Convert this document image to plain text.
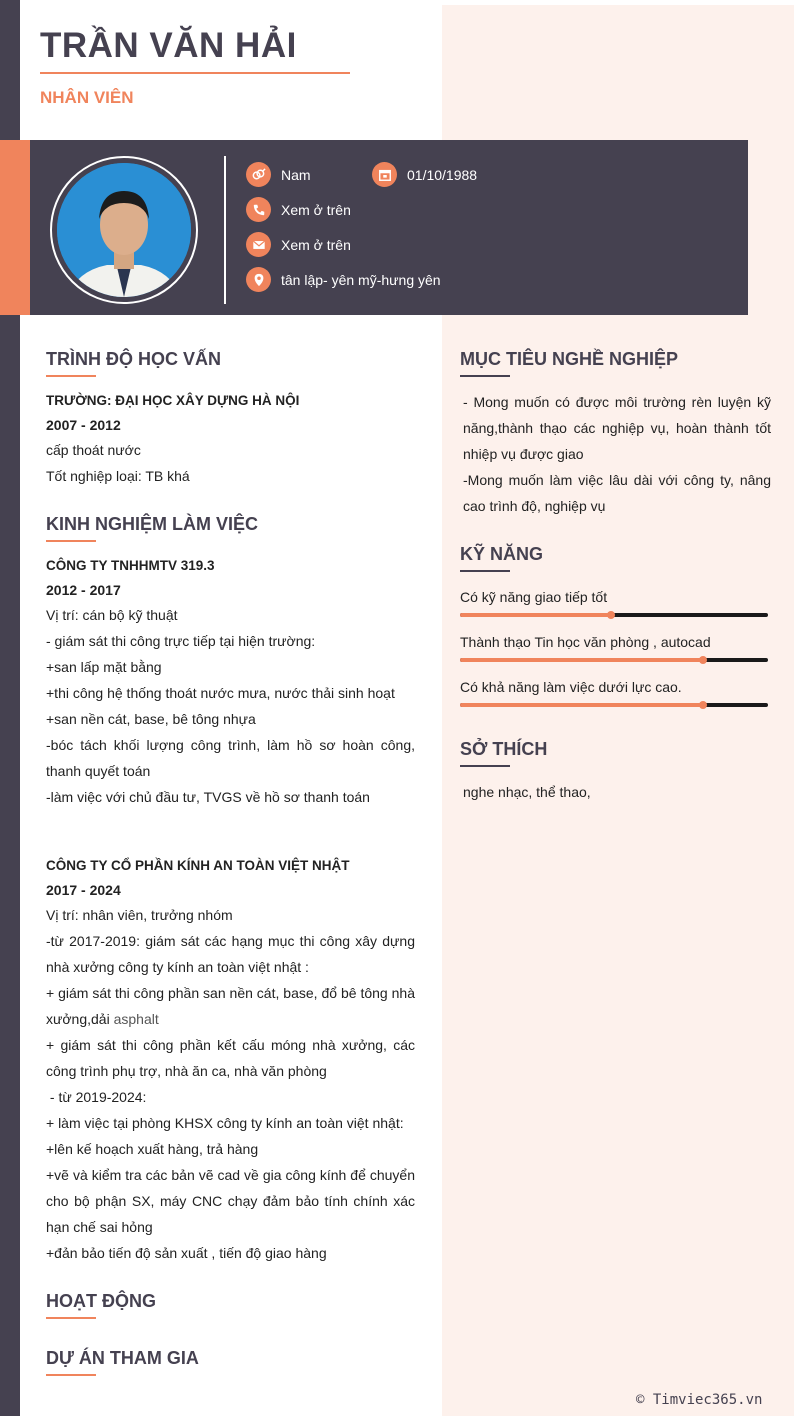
TRẦN VĂN HẢI
NHÂN VIÊN
Nam	01/10/1988
Xem ở trên
Xem ở trên
tân lập- yên mỹ-hưng yên
TRÌNH ĐỘ HỌC VẤN
TRƯỜNG: ĐẠI HỌC XÂY DỰNG HÀ NỘI
2007 - 2012
cấp thoát nước
Tốt nghiệp loại: TB khá
KINH NGHIỆM LÀM VIỆC
CÔNG TY TNHHMTV 319.3
2012 - 2017
Vị trí: cán bộ kỹ thuật
- giám sát thi công trực tiếp tại hiện trường:
+san lấp mặt bằng
+thi công hệ thống thoát nước mưa, nước thải sinh hoạt
+san nền cát, base, bê tông nhựa
-bóc tách khối lượng công trình, làm hồ sơ hoàn công, thanh quyết toán
-làm việc với chủ đầu tư, TVGS về hồ sơ thanh toán
CÔNG TY CỔ PHẦN KÍNH AN TOÀN VIỆT NHẬT
2017 - 2024
Vị trí: nhân viên, trưởng nhóm
-từ 2017-2019: giám sát các hạng mục thi công xây dựng nhà xưởng công ty kính an toàn việt nhật :
+ giám sát thi công phần san nền cát, base, đổ bê tông nhà xưởng,dải asphalt
+ giám sát thi công phần kết cấu móng nhà xưởng, các công trình phụ trợ, nhà ăn ca, nhà văn phòng
- từ 2019-2024:
+ làm việc tại phòng KHSX công ty kính an toàn việt nhật:
+lên kế hoạch xuất hàng, trả hàng
+vẽ và kiểm tra các bản vẽ cad về gia công kính để chuyển cho bộ phận SX, máy CNC chạy đảm bảo tính chính xác hạn chế sai hỏng
+đản bảo tiến độ sản xuất , tiến độ giao hàng
HOẠT ĐỘNG
DỰ ÁN THAM GIA
MỤC TIÊU NGHỀ NGHIỆP
- Mong muốn có được môi trường rèn luyện kỹ năng,thành thạo các nghiệp vụ, hoàn thành tốt nhiệp vụ được giao
-Mong muốn làm việc lâu dài với công ty, nâng cao trình độ, nghiệp vụ
KỸ NĂNG
Có kỹ năng giao tiếp tốt
Thành thạo Tin học văn phòng , autocad
Có khả năng làm việc dưới lực cao.
SỞ THÍCH
nghe nhạc, thể thao,
© Timviec365.vn
